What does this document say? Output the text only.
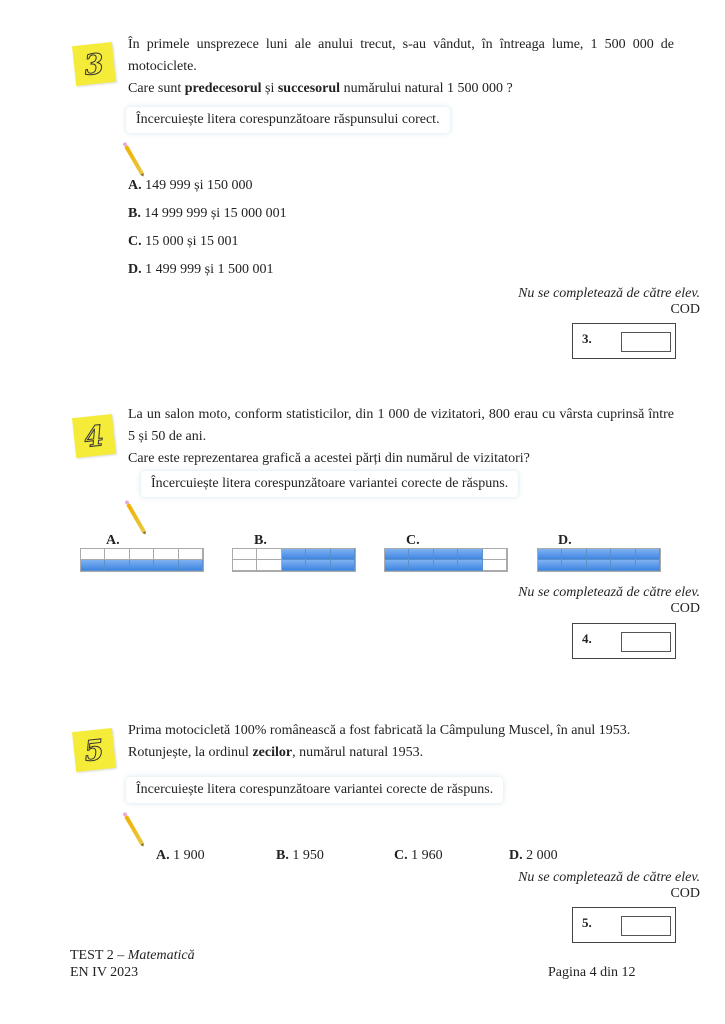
3
În primele unsprezece luni ale anului trecut, s-au vândut, în întreaga lume, 1 500 000 de motociclete.
Care sunt predecesorul și succesorul numărului natural 1 500 000 ?
Încercuiește litera corespunzătoare răspunsului corect.
A. 149 999 și 150 000
B. 14 999 999 și 15 000 001
C. 15 000 și 15 001
D. 1 499 999 și 1 500 001
Nu se completează de către elev.
COD
3.
4
La un salon moto, conform statisticilor, din 1 000 de vizitatori, 800 erau cu vârsta cuprinsă între 5 și 50 de ani.
Care este reprezentarea grafică a acestei părți din numărul de vizitatori?
Încercuiește litera corespunzătoare variantei corecte de răspuns.
A.	B.	C.	D.
Nu se completează de către elev.
COD
4.
5
Prima motocicletă 100% românească a fost fabricată la Câmpulung Muscel, în anul 1953.
Rotunjește, la ordinul zecilor, numărul natural 1953.
Încercuiește litera corespunzătoare variantei corecte de răspuns.
A. 1 900	B. 1 950	C. 1 960	D. 2 000
Nu se completează de către elev.
COD
5.
TEST 2 – Matematică
EN IV 2023	Pagina 4 din 12
